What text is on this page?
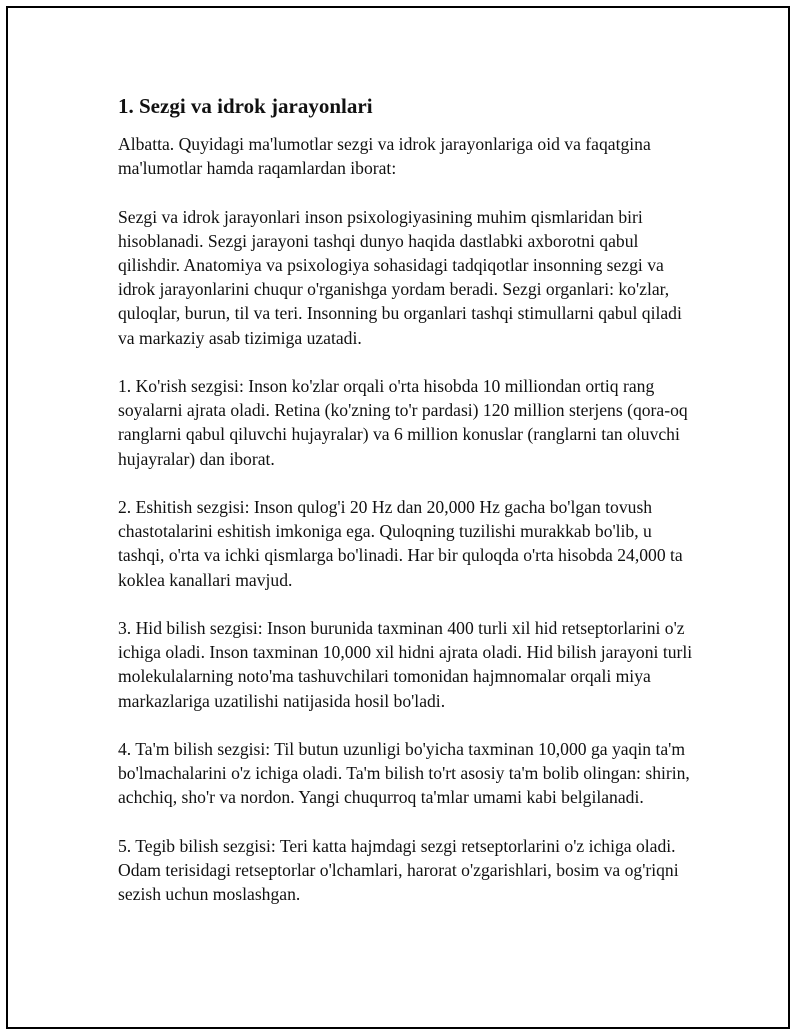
1. Sezgi va idrok jarayonlari

Albatta. Quyidagi ma'lumotlar sezgi va idrok jarayonlariga oid va faqatgina ma'lumotlar hamda raqamlardan iborat:

Sezgi va idrok jarayonlari inson psixologiyasining muhim qismlaridan biri hisoblanadi. Sezgi jarayoni tashqi dunyo haqida dastlabki axborotni qabul qilishdir. Anatomiya va psixologiya sohasidagi tadqiqotlar insonning sezgi va idrok jarayonlarini chuqur o'rganishga yordam beradi. Sezgi organlari: ko'zlar, quloqlar, burun, til va teri. Insonning bu organlari tashqi stimullarni qabul qiladi va markaziy asab tizimiga uzatadi.

1. Ko'rish sezgisi: Inson ko'zlar orqali o'rta hisobda 10 milliondan ortiq rang soyalarni ajrata oladi. Retina (ko'zning to'r pardasi) 120 million sterjens (qora-oq ranglarni qabul qiluvchi hujayralar) va 6 million konuslar (ranglarni tan oluvchi hujayralar) dan iborat.

2. Eshitish sezgisi: Inson qulog'i 20 Hz dan 20,000 Hz gacha bo'lgan tovush chastotalarini eshitish imkoniga ega. Quloqning tuzilishi murakkab bo'lib, u tashqi, o'rta va ichki qismlarga bo'linadi. Har bir quloqda o'rta hisobda 24,000 ta koklea kanallari mavjud.

3. Hid bilish sezgisi: Inson burunida taxminan 400 turli xil hid retseptorlarini o'z ichiga oladi. Inson taxminan 10,000 xil hidni ajrata oladi. Hid bilish jarayoni turli molekulalarning noto'ma tashuvchilari tomonidan hajmnomalar orqali miya markazlariga uzatilishi natijasida hosil bo'ladi.

4. Ta'm bilish sezgisi: Til butun uzunligi bo'yicha taxminan 10,000 ga yaqin ta'm bo'lmachalarini o'z ichiga oladi. Ta'm bilish to'rt asosiy ta'm bolib olingan: shirin, achchiq, sho'r va nordon. Yangi chuqurroq ta'mlar umami kabi belgilanadi.

5. Tegib bilish sezgisi: Teri katta hajmdagi sezgi retseptorlarini o'z ichiga oladi. Odam terisidagi retseptorlar o'lchamlari, harorat o'zgarishlari, bosim va og'riqni sezish uchun moslashgan.
